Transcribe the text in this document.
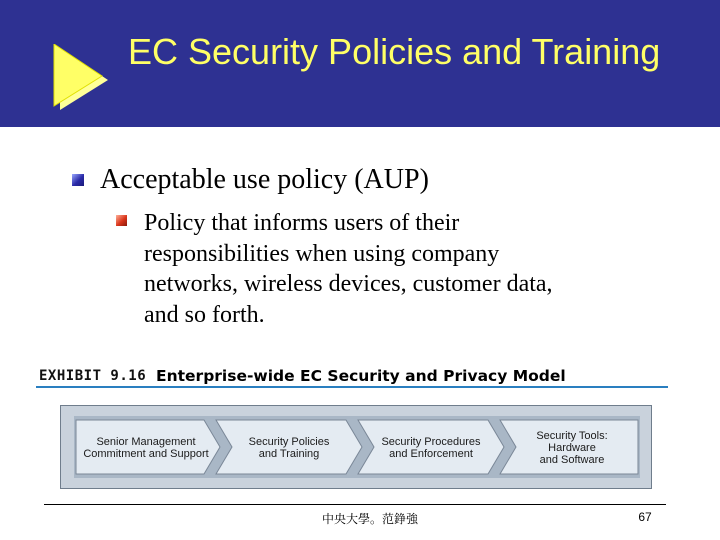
EC Security Policies and Training
Acceptable use policy (AUP)
Policy that informs users of their
responsibilities when using company
networks, wireless devices, customer data,
and so forth.
EXHIBIT 9.16 Enterprise-wide EC Security and Privacy Model
Senior Management
Commitment and Support
Security Policies
and Training
Security Procedures
and Enforcement
Security Tools:
Hardware
and Software
中央大學。范錚強	67
